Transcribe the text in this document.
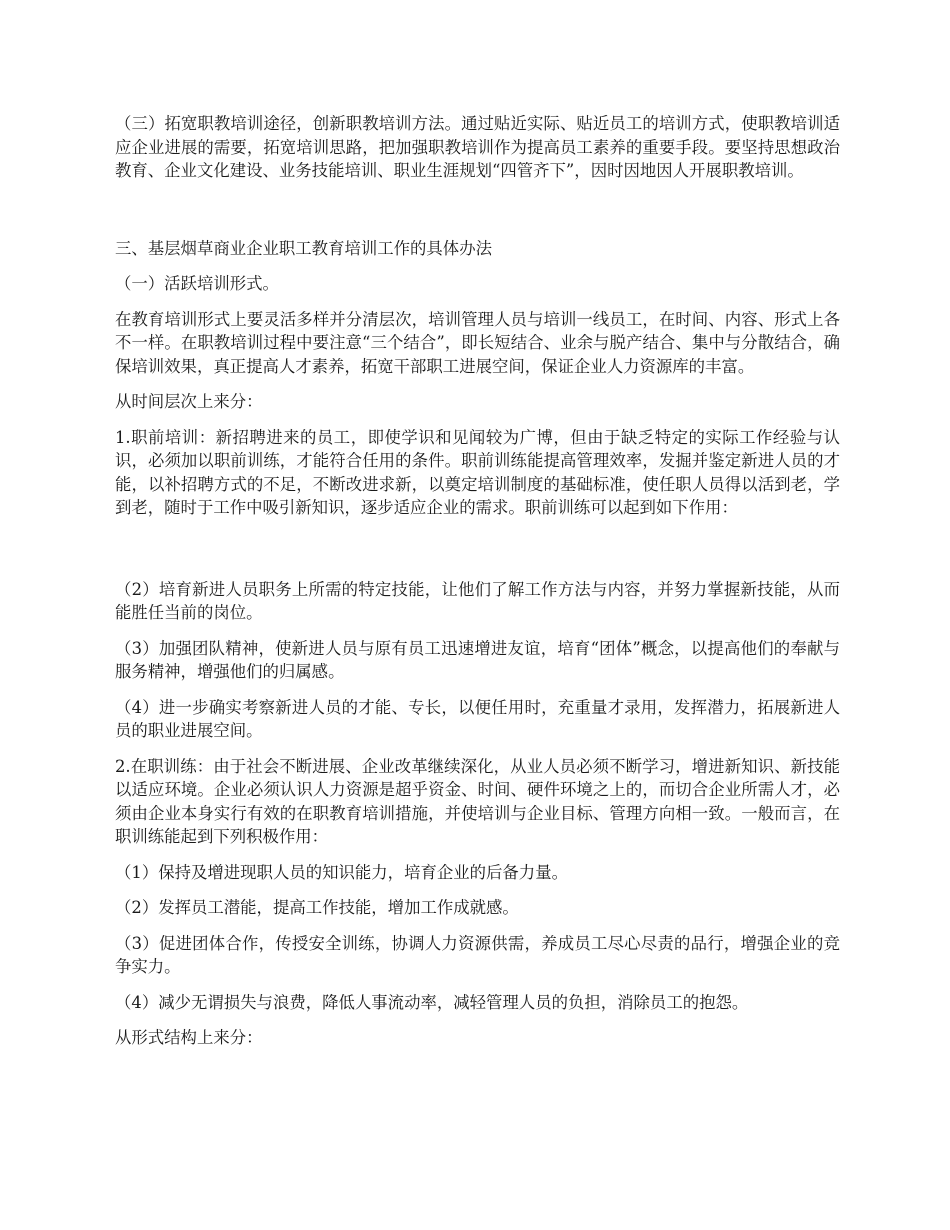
（三）拓宽职教培训途径，创新职教培训方法。通过贴近实际、贴近员工的培训方式，使职教培训适应企业进展的需要，拓宽培训思路，把加强职教培训作为提高员工素养的重要手段。要坚持思想政治教育、企业文化建设、业务技能培训、职业生涯规划“四管齐下”，因时因地因人开展职教培训。

三、基层烟草商业企业职工教育培训工作的具体办法

（一）活跃培训形式。

在教育培训形式上要灵活多样并分清层次，培训管理人员与培训一线员工，在时间、内容、形式上各不一样。在职教培训过程中要注意“三个结合”，即长短结合、业余与脱产结合、集中与分散结合，确保培训效果，真正提高人才素养，拓宽干部职工进展空间，保证企业人力资源库的丰富。

从时间层次上来分：

1.职前培训：新招聘进来的员工，即使学识和见闻较为广博，但由于缺乏特定的实际工作经验与认识，必须加以职前训练，才能符合任用的条件。职前训练能提高管理效率，发掘并鉴定新进人员的才能，以补招聘方式的不足，不断改进求新，以奠定培训制度的基础标准，使任职人员得以活到老，学到老，随时于工作中吸引新知识，逐步适应企业的需求。职前训练可以起到如下作用：

（2）培育新进人员职务上所需的特定技能，让他们了解工作方法与内容，并努力掌握新技能，从而能胜任当前的岗位。

（3）加强团队精神，使新进人员与原有员工迅速增进友谊，培育“团体”概念，以提高他们的奉献与服务精神，增强他们的归属感。

（4）进一步确实考察新进人员的才能、专长，以便任用时，充重量才录用，发挥潜力，拓展新进人员的职业进展空间。

2.在职训练：由于社会不断进展、企业改革继续深化，从业人员必须不断学习，增进新知识、新技能以适应环境。企业必须认识人力资源是超乎资金、时间、硬件环境之上的，而切合企业所需人才，必须由企业本身实行有效的在职教育培训措施，并使培训与企业目标、管理方向相一致。一般而言，在职训练能起到下列积极作用：

（1）保持及增进现职人员的知识能力，培育企业的后备力量。

（2）发挥员工潜能，提高工作技能，增加工作成就感。

（3）促进团体合作，传授安全训练，协调人力资源供需，养成员工尽心尽责的品行，增强企业的竞争实力。

（4）减少无谓损失与浪费，降低人事流动率，减轻管理人员的负担，消除员工的抱怨。

从形式结构上来分：
